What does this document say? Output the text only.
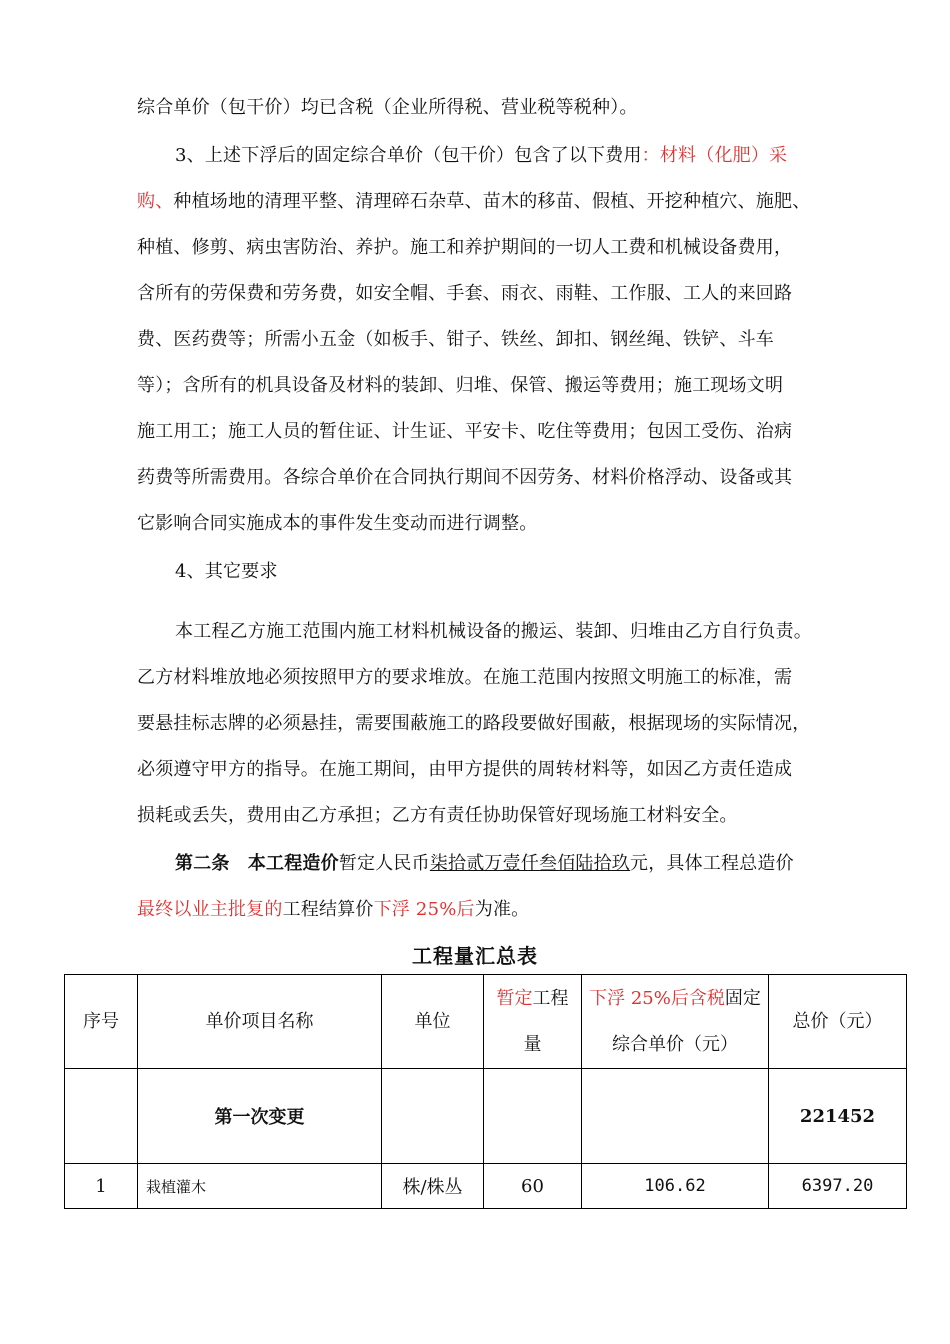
综合单价（包干价）均已含税（企业所得税、营业税等税种）。
3、上述下浮后的固定综合单价（包干价）包含了以下费用：材料（化肥）采
购、种植场地的清理平整、清理碎石杂草、苗木的移苗、假植、开挖种植穴、施肥、
种植、修剪、病虫害防治、养护。施工和养护期间的一切人工费和机械设备费用，
含所有的劳保费和劳务费，如安全帽、手套、雨衣、雨鞋、工作服、工人的来回路
费、医药费等；所需小五金（如板手、钳子、铁丝、卸扣、钢丝绳、铁铲、斗车
等）；含所有的机具设备及材料的装卸、归堆、保管、搬运等费用；施工现场文明
施工用工；施工人员的暂住证、计生证、平安卡、吃住等费用；包因工受伤、治病
药费等所需费用。各综合单价在合同执行期间不因劳务、材料价格浮动、设备或其
它影响合同实施成本的事件发生变动而进行调整。
4、其它要求
本工程乙方施工范围内施工材料机械设备的搬运、装卸、归堆由乙方自行负责。
乙方材料堆放地必须按照甲方的要求堆放。在施工范围内按照文明施工的标准，需
要悬挂标志牌的必须悬挂，需要围蔽施工的路段要做好围蔽，根据现场的实际情况，
必须遵守甲方的指导。在施工期间，由甲方提供的周转材料等，如因乙方责任造成
损耗或丢失，费用由乙方承担；乙方有责任协助保管好现场施工材料安全。
第二条　本工程造价暂定人民币柒拾贰万壹仟叁佰陆拾玖元，具体工程总造价
最终以业主批复的工程结算价下浮 25%后为准。
工程量汇总表
序号	单价项目名称	单位	暂定工程
量	下浮 25%后含税固定
综合单价（元）	总价（元）
	第一次变更				221452
1	栽植灌木	株/株丛	60	106.62	6397.20
